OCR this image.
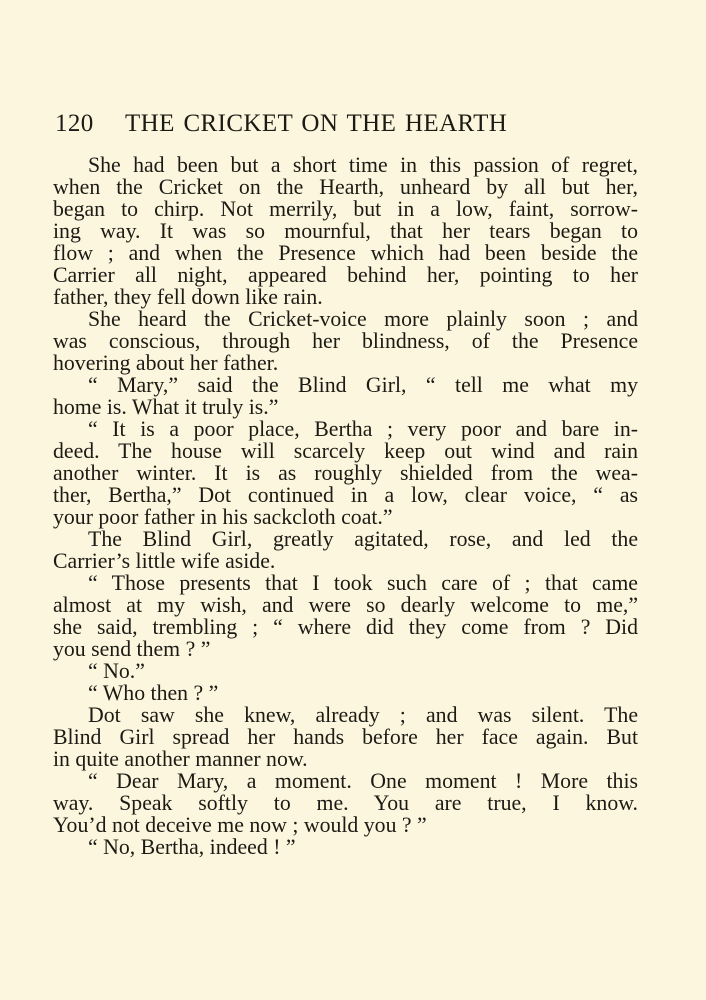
120 THE CRICKET ON THE HEARTH
She had been but a short time in this passion of regret,
when the Cricket on the Hearth, unheard by all but her,
began to chirp. Not merrily, but in a low, faint, sorrow-
ing way. It was so mournful, that her tears began to
flow ; and when the Presence which had been beside the
Carrier all night, appeared behind her, pointing to her
father, they fell down like rain.
She heard the Cricket-voice more plainly soon ; and
was conscious, through her blindness, of the Presence
hovering about her father.
“ Mary,” said the Blind Girl, “ tell me what my
home is. What it truly is.”
“ It is a poor place, Bertha ; very poor and bare in-
deed. The house will scarcely keep out wind and rain
another winter. It is as roughly shielded from the wea-
ther, Bertha,” Dot continued in a low, clear voice, “ as
your poor father in his sackcloth coat.”
The Blind Girl, greatly agitated, rose, and led the
Carrier’s little wife aside.
“ Those presents that I took such care of ; that came
almost at my wish, and were so dearly welcome to me,”
she said, trembling ; “ where did they come from ? Did
you send them ? ”
“ No.”
“ Who then ? ”
Dot saw she knew, already ; and was silent. The
Blind Girl spread her hands before her face again. But
in quite another manner now.
“ Dear Mary, a moment. One moment ! More this
way. Speak softly to me. You are true, I know.
You’d not deceive me now ; would you ? ”
“ No, Bertha, indeed ! ”
